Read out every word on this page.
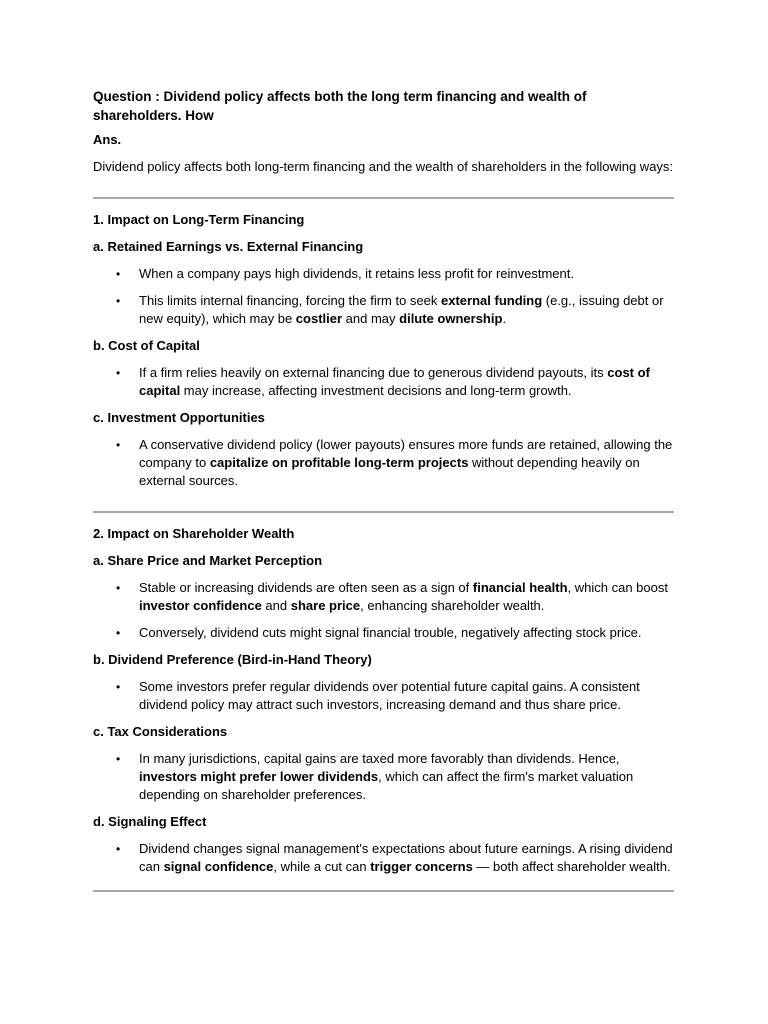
Question : Dividend policy affects both the long term financing and wealth of shareholders. How

Ans.

Dividend policy affects both long-term financing and the wealth of shareholders in the following ways:

1. Impact on Long-Term Financing

a. Retained Earnings vs. External Financing

• When a company pays high dividends, it retains less profit for reinvestment.
• This limits internal financing, forcing the firm to seek external funding (e.g., issuing debt or new equity), which may be costlier and may dilute ownership.

b. Cost of Capital

• If a firm relies heavily on external financing due to generous dividend payouts, its cost of capital may increase, affecting investment decisions and long-term growth.

c. Investment Opportunities

• A conservative dividend policy (lower payouts) ensures more funds are retained, allowing the company to capitalize on profitable long-term projects without depending heavily on external sources.

2. Impact on Shareholder Wealth

a. Share Price and Market Perception

• Stable or increasing dividends are often seen as a sign of financial health, which can boost investor confidence and share price, enhancing shareholder wealth.
• Conversely, dividend cuts might signal financial trouble, negatively affecting stock price.

b. Dividend Preference (Bird-in-Hand Theory)

• Some investors prefer regular dividends over potential future capital gains. A consistent dividend policy may attract such investors, increasing demand and thus share price.

c. Tax Considerations

• In many jurisdictions, capital gains are taxed more favorably than dividends. Hence, investors might prefer lower dividends, which can affect the firm's market valuation depending on shareholder preferences.

d. Signaling Effect

• Dividend changes signal management's expectations about future earnings. A rising dividend can signal confidence, while a cut can trigger concerns — both affect shareholder wealth.
